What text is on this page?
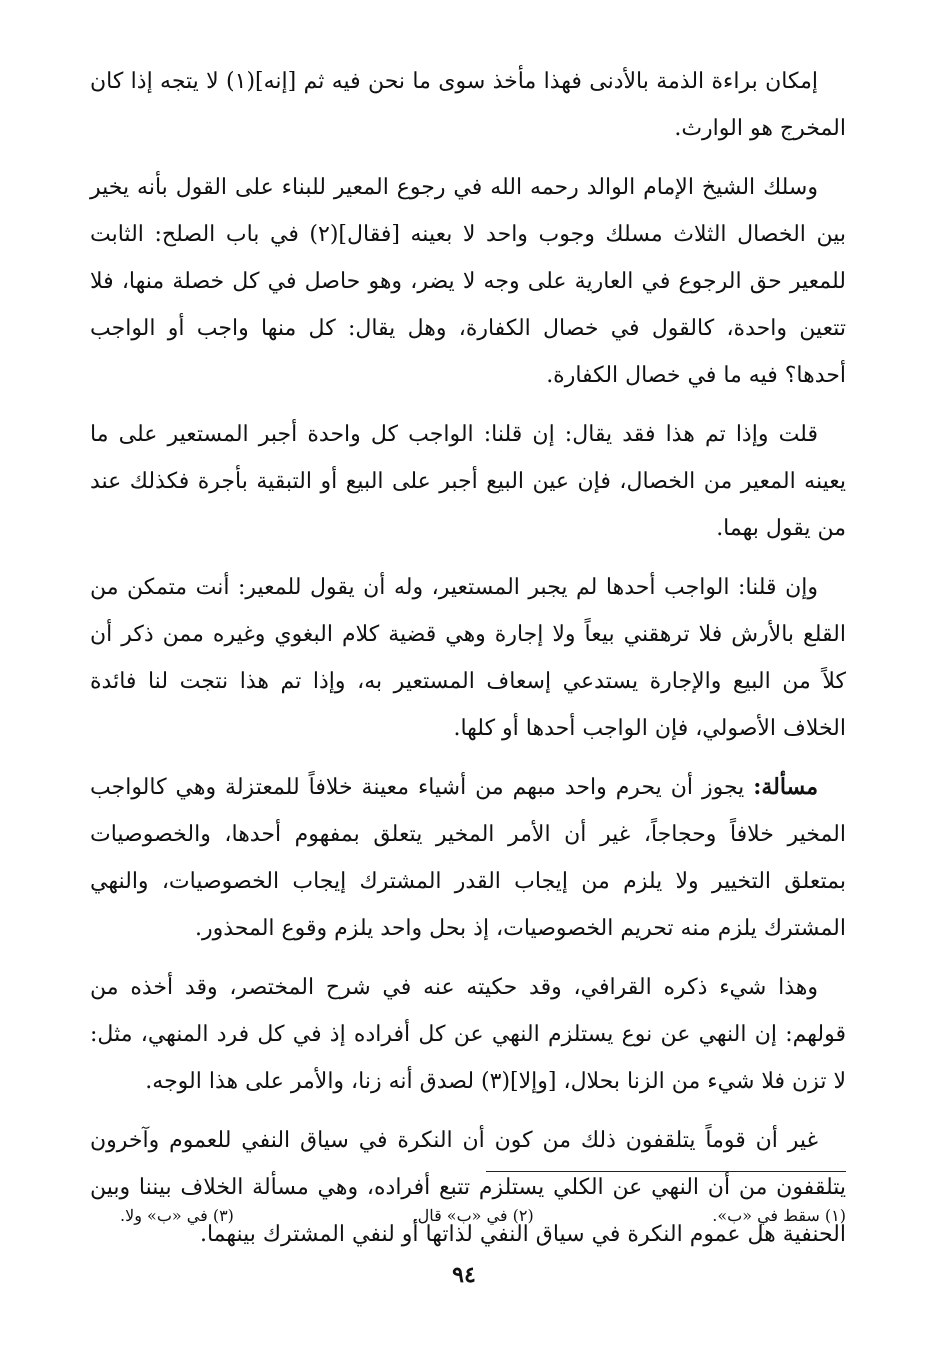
إمكان براءة الذمة بالأدنى فهذا مأخذ سوى ما نحن فيه ثم [إنه](١) لا يتجه إذا كان المخرج هو الوارث.

وسلك الشيخ الإمام الوالد رحمه الله في رجوع المعير للبناء على القول بأنه يخير بين الخصال الثلاث مسلك وجوب واحد لا بعينه [فقال](٢) في باب الصلح: الثابت للمعير حق الرجوع في العارية على وجه لا يضر، وهو حاصل في كل خصلة منها، فلا تتعين واحدة، كالقول في خصال الكفارة، وهل يقال: كل منها واجب أو الواجب أحدها؟ فيه ما في خصال الكفارة.

قلت وإذا تم هذا فقد يقال: إن قلنا: الواجب كل واحدة أجبر المستعير على ما يعينه المعير من الخصال، فإن عين البيع أجبر على البيع أو التبقية بأجرة فكذلك عند من يقول بهما.

وإن قلنا: الواجب أحدها لم يجبر المستعير، وله أن يقول للمعير: أنت متمكن من القلع بالأرش فلا ترهقني بيعاً ولا إجارة وهي قضية كلام البغوي وغيره ممن ذكر أن كلاً من البيع والإجارة يستدعي إسعاف المستعير به، وإذا تم هذا نتجت لنا فائدة الخلاف الأصولي، فإن الواجب أحدها أو كلها.

مسألة: يجوز أن يحرم واحد مبهم من أشياء معينة خلافاً للمعتزلة وهي كالواجب المخير خلافاً وحجاجاً، غير أن الأمر المخير يتعلق بمفهوم أحدها، والخصوصيات بمتعلق التخيير ولا يلزم من إيجاب القدر المشترك إيجاب الخصوصيات، والنهي المشترك يلزم منه تحريم الخصوصيات، إذ بحل واحد يلزم وقوع المحذور.

وهذا شيء ذكره القرافي، وقد حكيته عنه في شرح المختصر، وقد أخذه من قولهم: إن النهي عن نوع يستلزم النهي عن كل أفراده إذ في كل فرد المنهي، مثل: لا تزن فلا شيء من الزنا بحلال، [وإلا](٣) لصدق أنه زنا، والأمر على هذا الوجه.

غير أن قوماً يتلقفون ذلك من كون أن النكرة في سياق النفي للعموم وآخرون يتلقفون من أن النهي عن الكلي يستلزم تتبع أفراده، وهي مسألة الخلاف بيننا وبين الحنفية هل عموم النكرة في سياق النفي لذاتها أو لنفي المشترك بينهما.

(١) سقط في «ب».
(٢) في «ب» قال.
(٣) في «ب» ولا.
٩٤
